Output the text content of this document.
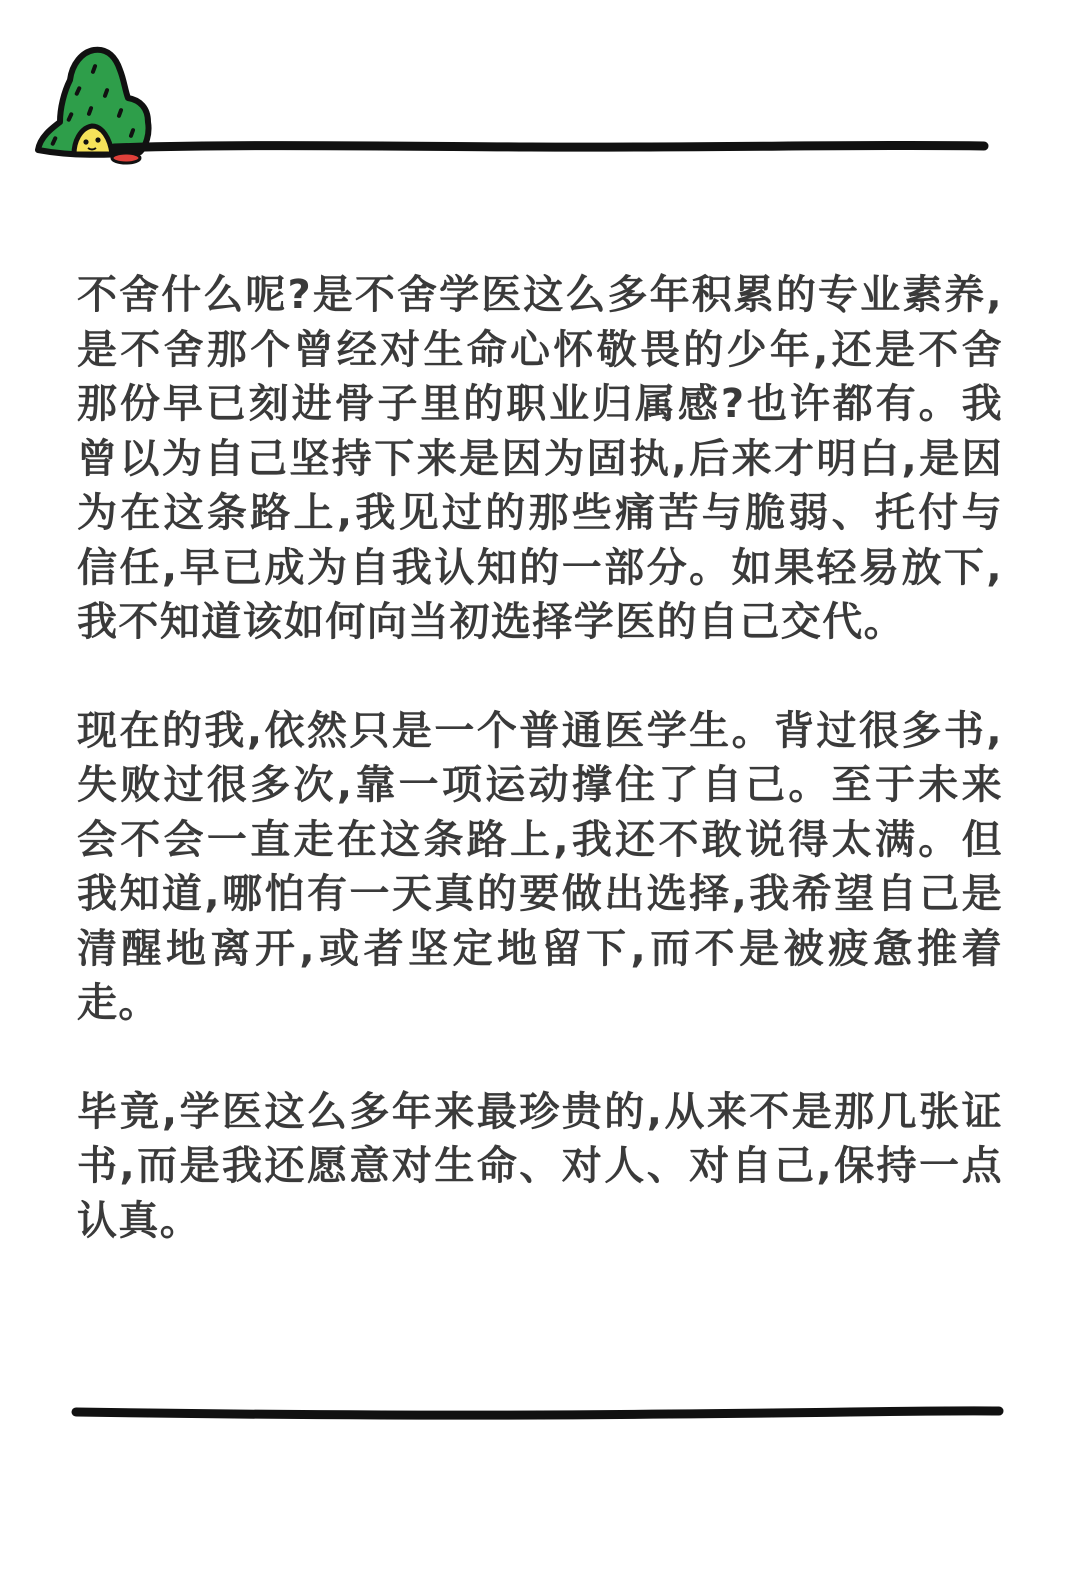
不舍什么呢?是不舍学医这么多年积累的专业素养,是不舍那个曾经对生命心怀敬畏的少年,还是不舍那份早已刻进骨子里的职业归属感?也许都有。我曾以为自己坚持下来是因为固执,后来才明白,是因为在这条路上,我见过的那些痛苦与脆弱、托付与信任,早已成为自我认知的一部分。如果轻易放下,我不知道该如何向当初选择学医的自己交代。

现在的我,依然只是一个普通医学生。背过很多书,失败过很多次,靠一项运动撑住了自己。至于未来会不会一直走在这条路上,我还不敢说得太满。但我知道,哪怕有一天真的要做出选择,我希望自己是清醒地离开,或者坚定地留下,而不是被疲惫推着走。

毕竟,学医这么多年来最珍贵的,从来不是那几张证书,而是我还愿意对生命、对人、对自己,保持一点认真。
